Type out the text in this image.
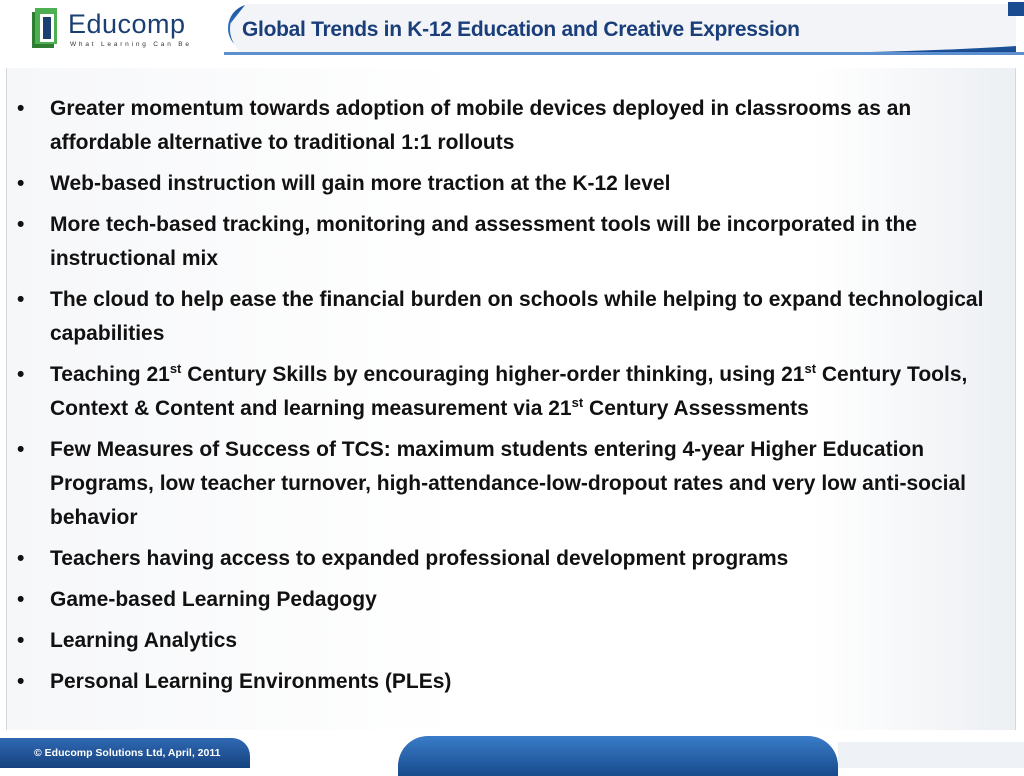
Educomp
What Learning Can Be
Global Trends in K-12 Education and Creative Expression
• Greater momentum towards adoption of mobile devices deployed in classrooms as an affordable alternative to traditional 1:1 rollouts
• Web-based instruction will gain more traction at the K-12 level
• More tech-based tracking, monitoring and assessment tools will be incorporated in the instructional mix
• The cloud to help ease the financial burden on schools while helping to expand technological capabilities
• Teaching 21st Century Skills by encouraging higher-order thinking, using 21st Century Tools, Context & Content and learning measurement via 21st Century Assessments
• Few Measures of Success of TCS: maximum students entering 4-year Higher Education Programs, low teacher turnover, high-attendance-low-dropout rates and very low anti-social behavior
• Teachers having access to expanded professional development programs
• Game-based Learning Pedagogy
• Learning Analytics
• Personal Learning Environments (PLEs)
© Educomp Solutions Ltd, April, 2011
